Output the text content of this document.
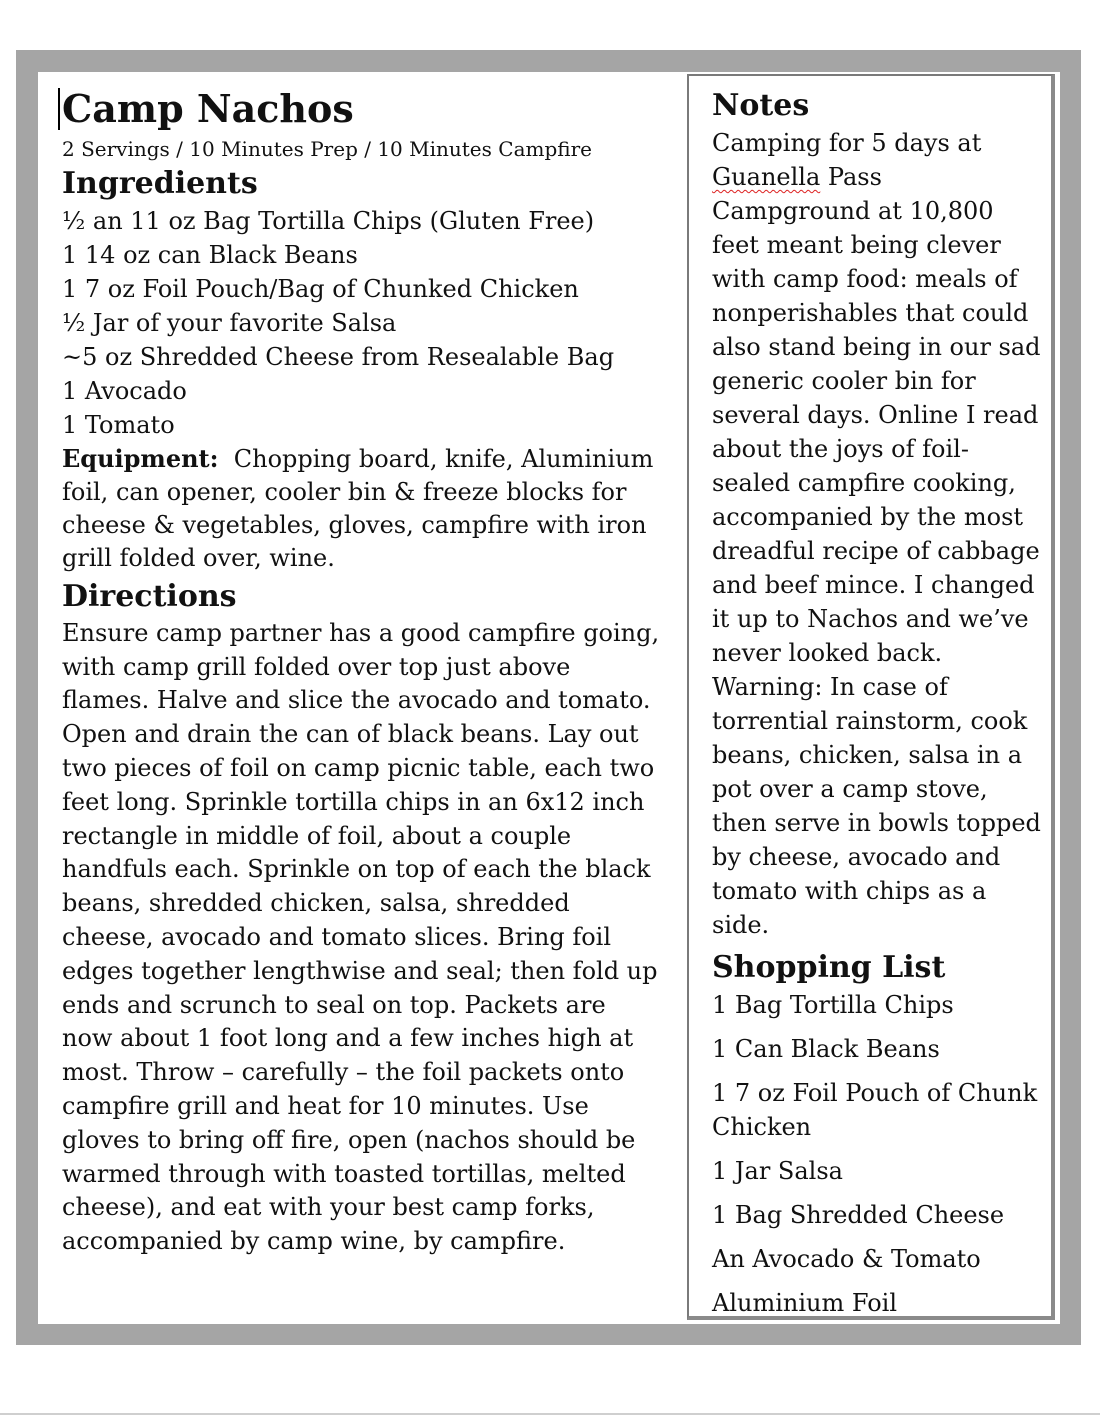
Camp Nachos
2 Servings / 10 Minutes Prep / 10 Minutes Campfire
Ingredients

½ an 11 oz Bag Tortilla Chips (Gluten Free)

1 14 oz can Black Beans

1 7 oz Foil Pouch/Bag of Chunked Chicken

½ Jar of your favorite Salsa

~5 oz Shredded Cheese from Resealable Bag

1 Avocado

1 Tomato

Equipment: Chopping board, knife, Aluminium foil, can opener, cooler bin & freeze blocks for cheese & vegetables, gloves, campfire with iron grill folded over, wine.

Directions

Ensure camp partner has a good campfire going, with camp grill folded over top just above flames. Halve and slice the avocado and tomato. Open and drain the can of black beans. Lay out two pieces of foil on camp picnic table, each two feet long. Sprinkle tortilla chips in an 6x12 inch rectangle in middle of foil, about a couple handfuls each. Sprinkle on top of each the black beans, shredded chicken, salsa, shredded cheese, avocado and tomato slices. Bring foil edges together lengthwise and seal; then fold up ends and scrunch to seal on top. Packets are now about 1 foot long and a few inches high at most. Throw – carefully – the foil packets onto campfire grill and heat for 10 minutes. Use gloves to bring off fire, open (nachos should be warmed through with toasted tortillas, melted cheese), and eat with your best camp forks, accompanied by camp wine, by campfire.

Notes

Camping for 5 days at Guanella Pass Campground at 10,800 feet meant being clever with camp food: meals of nonperishables that could also stand being in our sad generic cooler bin for several days. Online I read about the joys of foil-sealed campfire cooking, accompanied by the most dreadful recipe of cabbage and beef mince. I changed it up to Nachos and we’ve never looked back. Warning: In case of torrential rainstorm, cook beans, chicken, salsa in a pot over a camp stove, then serve in bowls topped by cheese, avocado and tomato with chips as a side.

Shopping List

1 Bag Tortilla Chips

1 Can Black Beans

1 7 oz Foil Pouch of Chunk Chicken

1 Jar Salsa

1 Bag Shredded Cheese

An Avocado & Tomato

Aluminium Foil
